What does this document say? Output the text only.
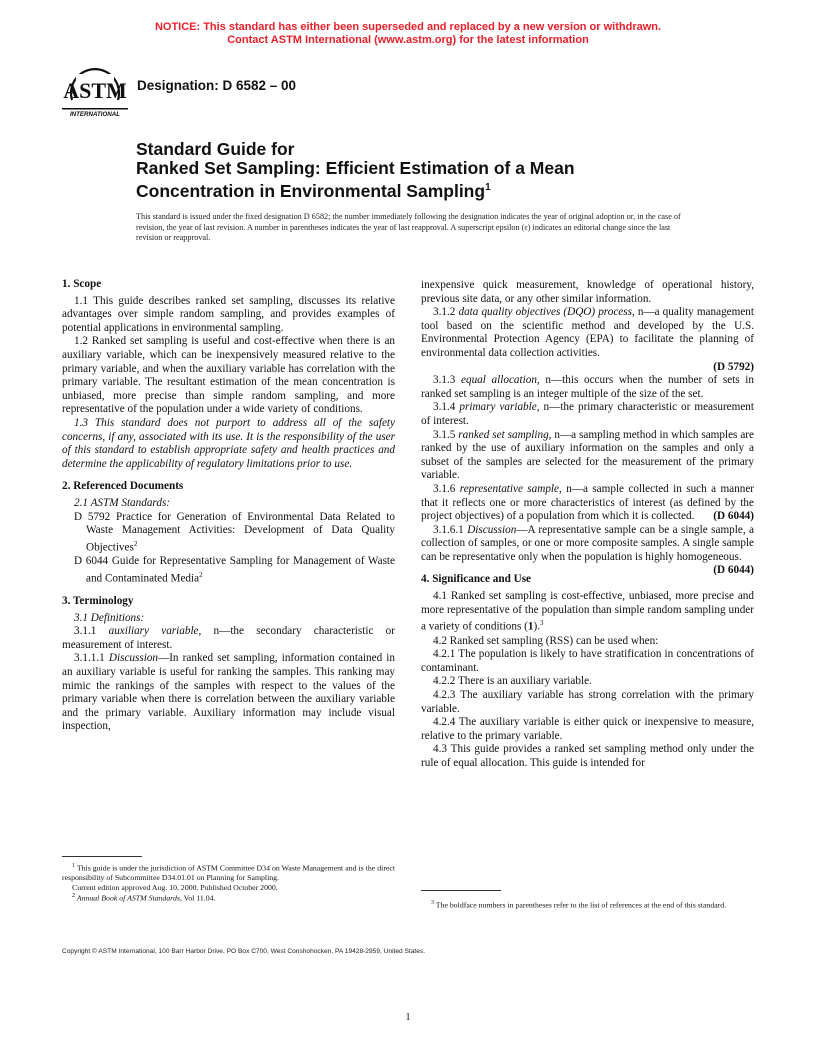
NOTICE: This standard has either been superseded and replaced by a new version or withdrawn.
Contact ASTM International (www.astm.org) for the latest information
ASTM
INTERNATIONAL
Designation: D 6582 – 00
Standard Guide for
Ranked Set Sampling: Efficient Estimation of a Mean
Concentration in Environmental Sampling$^1$
This standard is issued under the fixed designation D 6582; the number immediately following the designation indicates the year of original adoption or, in the case of revision, the year of last revision. A number in parentheses indicates the year of last reapproval. A superscript epsilon (ε) indicates an editorial change since the last revision or reapproval.
1. Scope

1.1 This guide describes ranked set sampling, discusses its relative advantages over simple random sampling, and provides examples of potential applications in environmental sampling.

1.2 Ranked set sampling is useful and cost-effective when there is an auxiliary variable, which can be inexpensively measured relative to the primary variable, and when the auxiliary variable has correlation with the primary variable. The resultant estimation of the mean concentration is unbiased, more precise than simple random sampling, and more representative of the population under a wide variety of conditions.

1.3 This standard does not purport to address all of the safety concerns, if any, associated with its use. It is the responsibility of the user of this standard to establish appropriate safety and health practices and determine the applicability of regulatory limitations prior to use.

2. Referenced Documents

2.1 ASTM Standards:

D 5792 Practice for Generation of Environmental Data Related to Waste Management Activities: Development of Data Quality Objectives$^2$

D 6044 Guide for Representative Sampling for Management of Waste and Contaminated Media$^2$

3. Terminology

3.1 Definitions:

3.1.1 auxiliary variable, n—the secondary characteristic or measurement of interest.

3.1.1.1 Discussion—In ranked set sampling, information contained in an auxiliary variable is useful for ranking the samples. This ranking may mimic the rankings of the samples with respect to the values of the primary variable when there is correlation between the auxiliary variable and the primary variable. Auxiliary information may include visual inspection,

$^1$ This guide is under the jurisdiction of ASTM Committee D34 on Waste Management and is the direct responsibility of Subcommittee D34.01.01 on Planning for Sampling.

Current edition approved Aug. 10, 2000. Published October 2000.

$^2$ Annual Book of ASTM Standards, Vol 11.04.

inexpensive quick measurement, knowledge of operational history, previous site data, or any other similar information.

3.1.2 data quality objectives (DQO) process, n—a quality management tool based on the scientific method and developed by the U.S. Environmental Protection Agency (EPA) to facilitate the planning of environmental data collection activities.

(D 5792)

3.1.3 equal allocation, n—this occurs when the number of sets in ranked set sampling is an integer multiple of the size of the set.

3.1.4 primary variable, n—the primary characteristic or measurement of interest.

3.1.5 ranked set sampling, n—a sampling method in which samples are ranked by the use of auxiliary information on the samples and only a subset of the samples are selected for the measurement of the primary variable.

3.1.6 representative sample, n—a sample collected in such a manner that it reflects one or more characteristics of interest (as defined by the project objectives) of a population from which it is collected.	(D 6044)

3.1.6.1 Discussion—A representative sample can be a single sample, a collection of samples, or one or more composite samples. A single sample can be representative only when the population is highly homogeneous.
(D 6044)

4. Significance and Use

4.1 Ranked set sampling is cost-effective, unbiased, more precise and more representative of the population than simple random sampling under a variety of conditions (1).$^3$

4.2 Ranked set sampling (RSS) can be used when:

4.2.1 The population is likely to have stratification in concentrations of contaminant.

4.2.2 There is an auxiliary variable.

4.2.3 The auxiliary variable has strong correlation with the primary variable.

4.2.4 The auxiliary variable is either quick or inexpensive to measure, relative to the primary variable.

4.3 This guide provides a ranked set sampling method only under the rule of equal allocation. This guide is intended for

$^3$ The boldface numbers in parentheses refer to the list of references at the end of this standard.

Copyright © ASTM International, 100 Barr Harbor Drive, PO Box C700, West Conshohocken, PA 19428-2959, United States.
1
